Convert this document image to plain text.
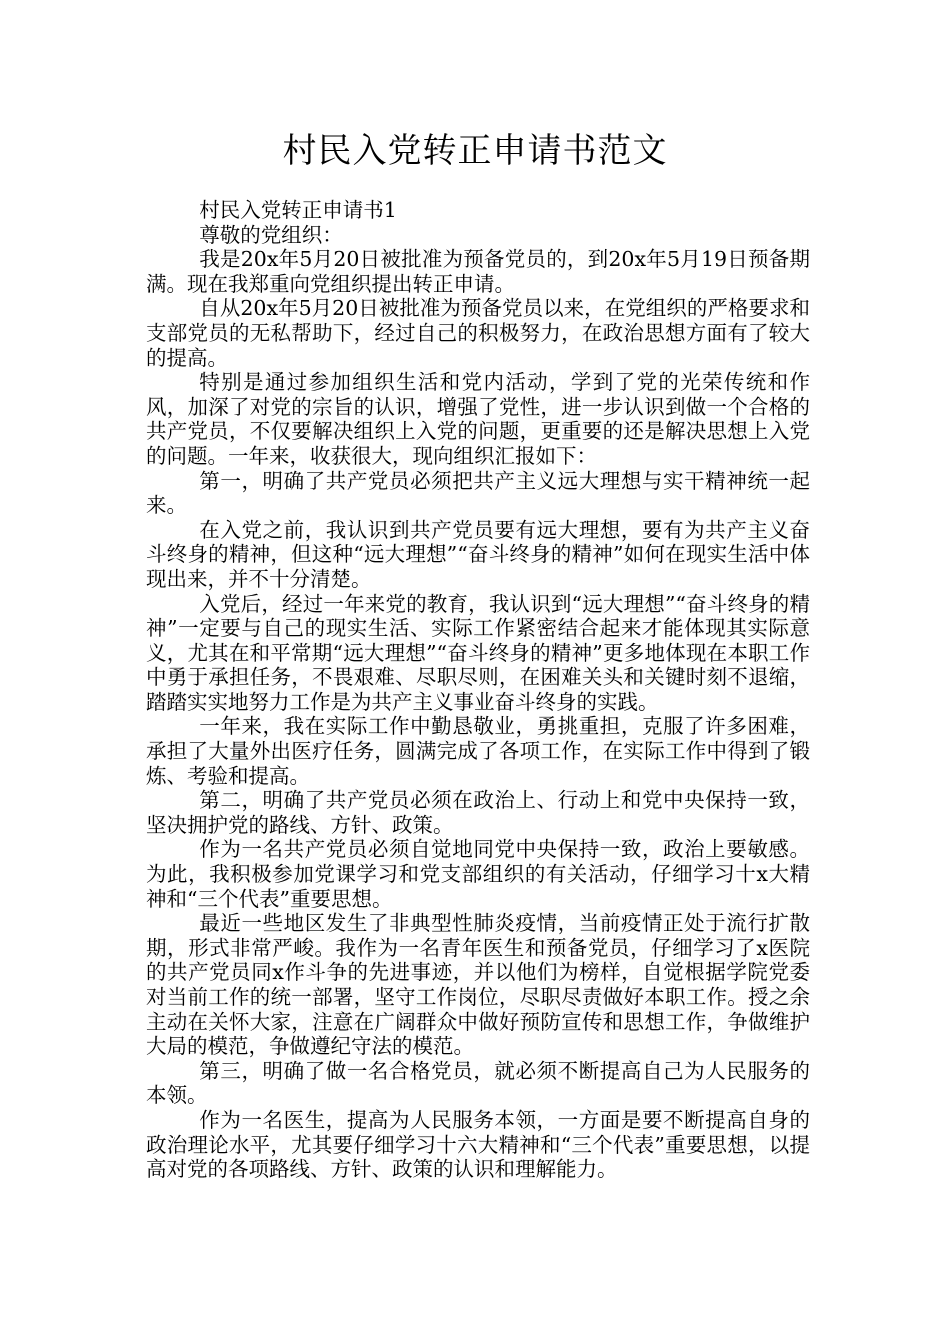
村民入党转正申请书范文

村民入党转正申请书1

尊敬的党组织：

我是20x年5月20日被批准为预备党员的，到20x年5月19日预备期满。现在我郑重向党组织提出转正申请。

自从20x年5月20日被批准为预备党员以来，在党组织的严格要求和支部党员的无私帮助下，经过自己的积极努力，在政治思想方面有了较大的提高。

特别是通过参加组织生活和党内活动，学到了党的光荣传统和作风，加深了对党的宗旨的认识，增强了党性，进一步认识到做一个合格的共产党员，不仅要解决组织上入党的问题，更重要的还是解决思想上入党的问题。一年来，收获很大，现向组织汇报如下：

第一，明确了共产党员必须把共产主义远大理想与实干精神统一起来。

在入党之前，我认识到共产党员要有远大理想，要有为共产主义奋斗终身的精神，但这种“远大理想”“奋斗终身的精神”如何在现实生活中体现出来，并不十分清楚。

入党后，经过一年来党的教育，我认识到“远大理想”“奋斗终身的精神”一定要与自己的现实生活、实际工作紧密结合起来才能体现其实际意义，尤其在和平常期“远大理想”“奋斗终身的精神”更多地体现在本职工作中勇于承担任务，不畏艰难、尽职尽则，在困难关头和关键时刻不退缩，踏踏实实地努力工作是为共产主义事业奋斗终身的实践。

一年来，我在实际工作中勤恳敬业，勇挑重担，克服了许多困难，承担了大量外出医疗任务，圆满完成了各项工作，在实际工作中得到了锻炼、考验和提高。

第二，明确了共产党员必须在政治上、行动上和党中央保持一致，坚决拥护党的路线、方针、政策。

作为一名共产党员必须自觉地同党中央保持一致，政治上要敏感。为此，我积极参加党课学习和党支部组织的有关活动，仔细学习十x大精神和“三个代表”重要思想。

最近一些地区发生了非典型性肺炎疫情，当前疫情正处于流行扩散期，形式非常严峻。我作为一名青年医生和预备党员，仔细学习了x医院的共产党员同x作斗争的先进事迹，并以他们为榜样，自觉根据学院党委对当前工作的统一部署，坚守工作岗位，尽职尽责做好本职工作。授之余主动在关怀大家，注意在广阔群众中做好预防宣传和思想工作，争做维护大局的模范，争做遵纪守法的模范。

第三，明确了做一名合格党员，就必须不断提高自己为人民服务的本领。

作为一名医生，提高为人民服务本领，一方面是要不断提高自身的政治理论水平，尤其要仔细学习十六大精神和“三个代表”重要思想，以提高对党的各项路线、方针、政策的认识和理解能力。
